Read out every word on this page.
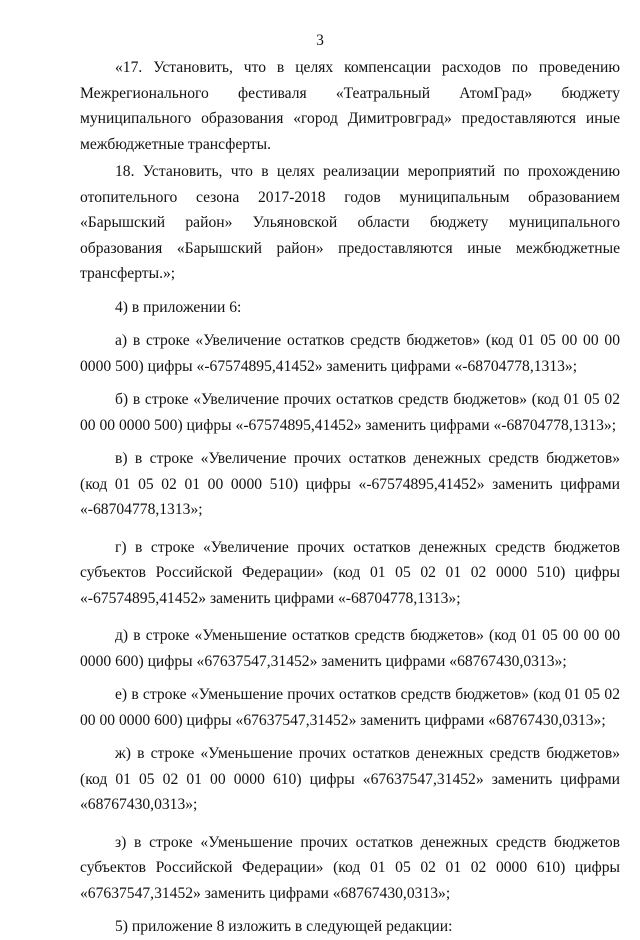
3

«17. Установить, что в целях компенсации расходов по проведению Межрегионального фестиваля «Театральный АтомГрад» бюджету муниципального образования «город Димитровград» предоставляются иные межбюджетные трансферты.

18. Установить, что в целях реализации мероприятий по прохождению отопительного сезона 2017-2018 годов муниципальным образованием «Барышский район» Ульяновской области бюджету муниципального образования «Барышский район» предоставляются иные межбюджетные трансферты.»;

4) в приложении 6:

а) в строке «Увеличение остатков средств бюджетов» (код 01 05 00 00 00 0000 500) цифры «-67574895,41452» заменить цифрами «-68704778,1313»;

б) в строке «Увеличение прочих остатков средств бюджетов» (код 01 05 02 00 00 0000 500) цифры «-67574895,41452» заменить цифрами «-68704778,1313»;

в) в строке «Увеличение прочих остатков денежных средств бюджетов» (код 01 05 02 01 00 0000 510) цифры «-67574895,41452» заменить цифрами «-68704778,1313»;

г) в строке «Увеличение прочих остатков денежных средств бюджетов субъектов Российской Федерации» (код 01 05 02 01 02 0000 510) цифры «-67574895,41452» заменить цифрами «-68704778,1313»;

д) в строке «Уменьшение остатков средств бюджетов» (код 01 05 00 00 00 0000 600) цифры «67637547,31452» заменить цифрами «68767430,0313»;

е) в строке «Уменьшение прочих остатков средств бюджетов» (код 01 05 02 00 00 0000 600) цифры «67637547,31452» заменить цифрами «68767430,0313»;

ж) в строке «Уменьшение прочих остатков денежных средств бюджетов» (код 01 05 02 01 00 0000 610) цифры «67637547,31452» заменить цифрами «68767430,0313»;

з) в строке «Уменьшение прочих остатков денежных средств бюджетов субъектов Российской Федерации» (код 01 05 02 01 02 0000 610) цифры «67637547,31452» заменить цифрами «68767430,0313»;

5) приложение 8 изложить в следующей редакции:
